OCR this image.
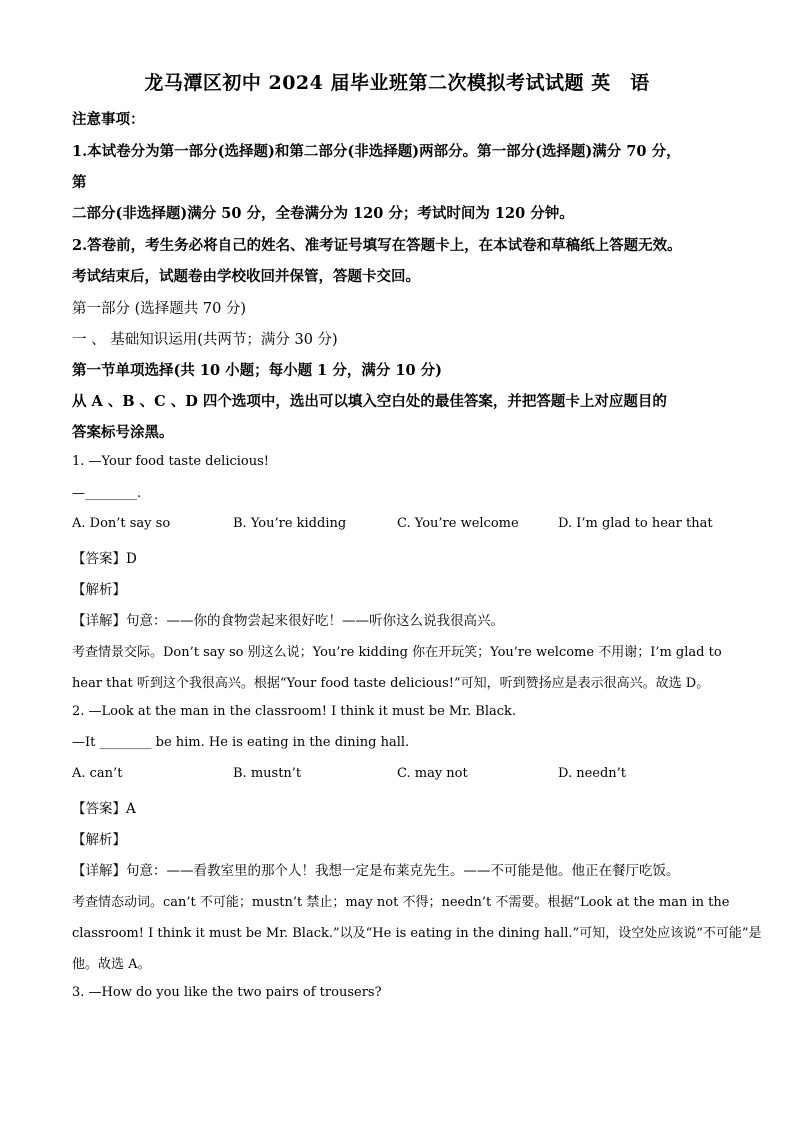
龙马潭区初中 2024 届毕业班第二次模拟考试试题 英　语
注意事项：
1.本试卷分为第一部分(选择题)和第二部分(非选择题)两部分。第一部分(选择题)满分 70 分，
第
二部分(非选择题)满分 50 分，全卷满分为 120 分；考试时间为 120 分钟。
2.答卷前，考生务必将自己的姓名、准考证号填写在答题卡上，在本试卷和草稿纸上答题无效。
考试结束后，试题卷由学校收回并保管，答题卡交回。
第一部分 (选择题共 70 分)
一 、 基础知识运用(共两节；满分 30 分)
第一节单项选择(共 10 小题；每小题 1 分，满分 10 分)
从 A 、B 、C 、D 四个选项中，选出可以填入空白处的最佳答案，并把答题卡上对应题目的
答案标号涂黑。
1. —Your food taste delicious!
—________.
A. Don’t say so	B. You’re kidding	C. You’re welcome	D. I’m glad to hear that
【答案】D
【解析】
【详解】句意：——你的食物尝起来很好吃！——听你这么说我很高兴。
考查情景交际。Don’t say so 别这么说；You’re kidding 你在开玩笑；You’re welcome 不用谢；I’m glad to
hear that 听到这个我很高兴。根据“Your food taste delicious!”可知，听到赞扬应是表示很高兴。故选 D。
2. —Look at the man in the classroom! I think it must be Mr. Black.
—It ________ be him. He is eating in the dining hall.
A. can’t	B. mustn’t	C. may not	D. needn’t
【答案】A
【解析】
【详解】句意：——看教室里的那个人！我想一定是布莱克先生。——不可能是他。他正在餐厅吃饭。
考查情态动词。can’t 不可能；mustn’t 禁止；may not 不得；needn’t 不需要。根据“Look at the man in the
classroom! I think it must be Mr. Black.”以及“He is eating in the dining hall.”可知，设空处应该说“不可能”是
他。故选 A。
3. —How do you like the two pairs of trousers?
